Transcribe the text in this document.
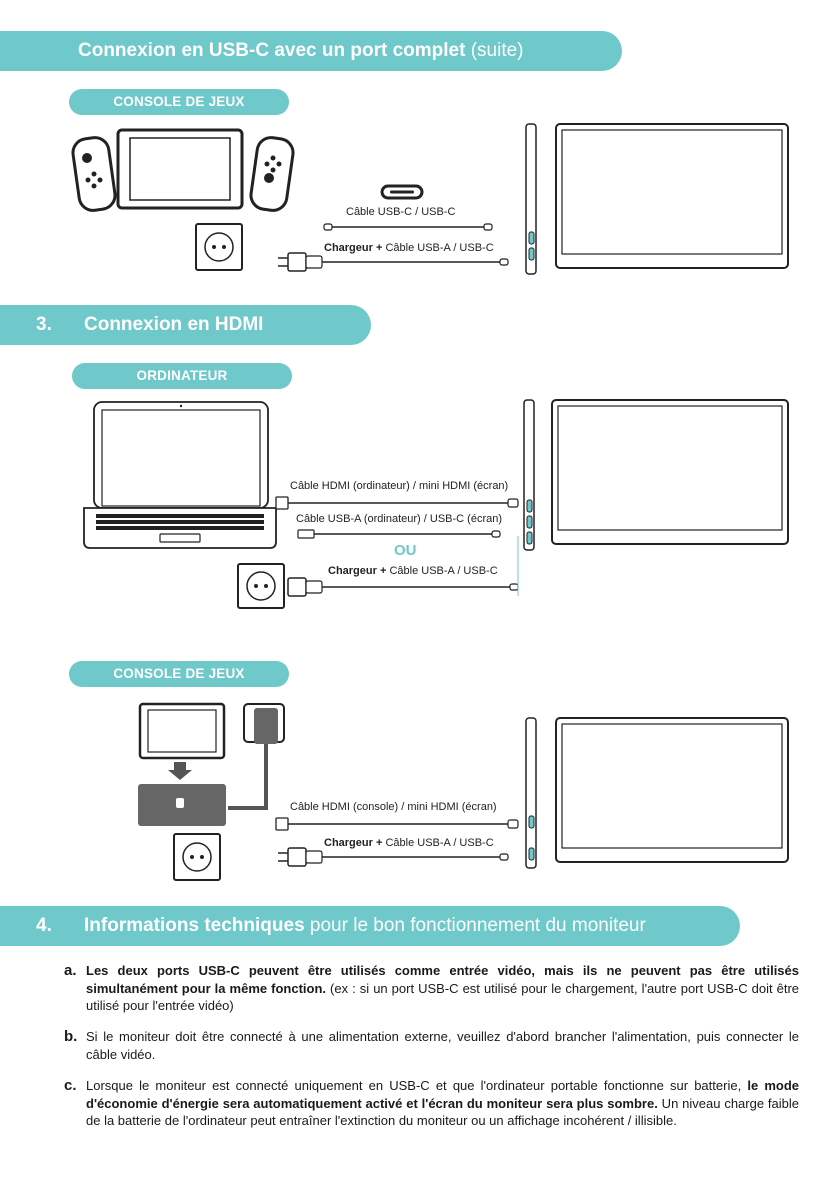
Connexion en USB-C avec un port complet (suite)
CONSOLE DE JEUX
Câble USB-C / USB-C
Chargeur + Câble USB-A / USB-C
3. Connexion en HDMI
ORDINATEUR
Câble HDMI (ordinateur) / mini HDMI (écran)
Câble USB-A (ordinateur) / USB-C (écran)
OU
Chargeur + Câble USB-A / USB-C
CONSOLE DE JEUX
Câble HDMI (console) / mini HDMI (écran)
Chargeur + Câble USB-A / USB-C
4. Informations techniques pour le bon fonctionnement du moniteur
a. Les deux ports USB-C peuvent être utilisés comme entrée vidéo, mais ils ne peuvent pas être utilisés simultanément pour la même fonction. (ex : si un port USB-C est utilisé pour le chargement, l'autre port USB-C doit être utilisé pour l'entrée vidéo)
b. Si le moniteur doit être connecté à une alimentation externe, veuillez d'abord brancher l'alimentation, puis connecter le câble vidéo.
c. Lorsque le moniteur est connecté uniquement en USB-C et que l'ordinateur portable fonctionne sur batterie, le mode d'économie d'énergie sera automatiquement activé et l'écran du moniteur sera plus sombre. Un niveau charge faible de la batterie de l'ordinateur peut entraîner l'extinction du moniteur ou un affichage incohérent / illisible.
